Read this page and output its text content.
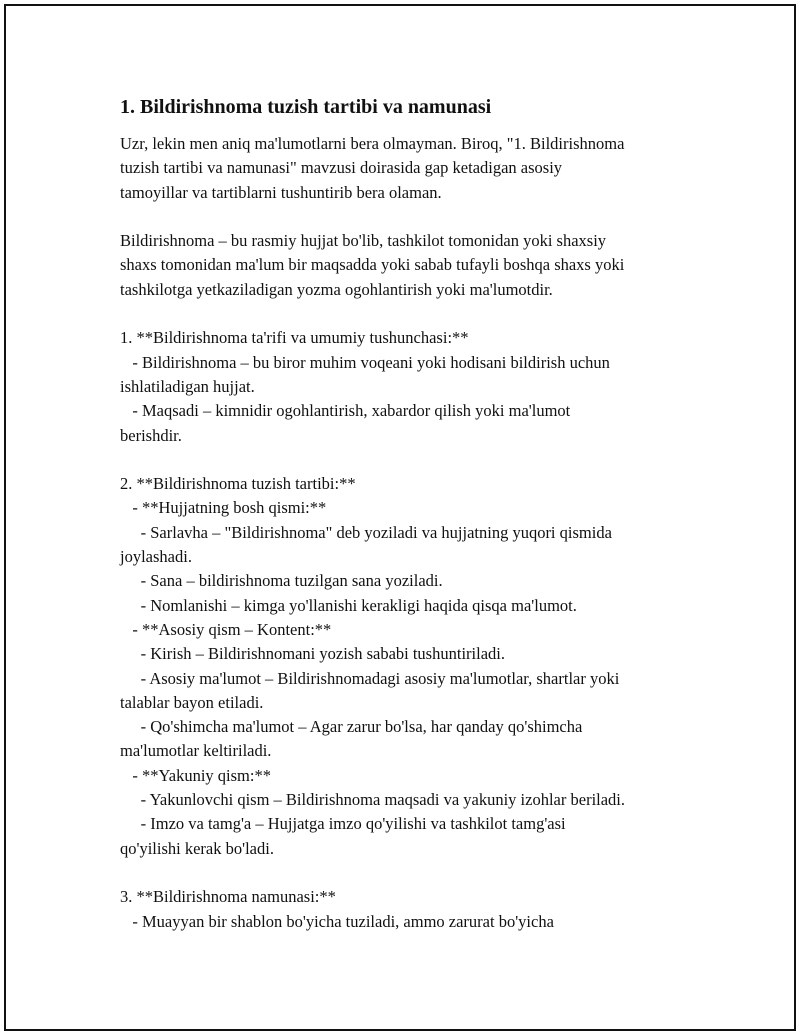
1. Bildirishnoma tuzish tartibi va namunasi

Uzr, lekin men aniq ma'lumotlarni bera olmayman. Biroq, "1. Bildirishnoma
tuzish tartibi va namunasi" mavzusi doirasida gap ketadigan asosiy
tamoyillar va tartiblarni tushuntirib bera olaman.

Bildirishnoma – bu rasmiy hujjat bo'lib, tashkilot tomonidan yoki shaxsiy
shaxs tomonidan ma'lum bir maqsadda yoki sabab tufayli boshqa shaxs yoki
tashkilotga yetkaziladigan yozma ogohlantirish yoki ma'lumotdir.

1. **Bildirishnoma ta'rifi va umumiy tushunchasi:**
- Bildirishnoma – bu biror muhim voqeani yoki hodisani bildirish uchun
ishlatiladigan hujjat.
- Maqsadi – kimnidir ogohlantirish, xabardor qilish yoki ma'lumot
berishdir.

2. **Bildirishnoma tuzish tartibi:**
- **Hujjatning bosh qismi:**
- Sarlavha – "Bildirishnoma" deb yoziladi va hujjatning yuqori qismida
joylashadi.
- Sana – bildirishnoma tuzilgan sana yoziladi.
- Nomlanishi – kimga yo'llanishi kerakligi haqida qisqa ma'lumot.
- **Asosiy qism – Kontent:**
- Kirish – Bildirishnomani yozish sababi tushuntiriladi.
- Asosiy ma'lumot – Bildirishnomadagi asosiy ma'lumotlar, shartlar yoki
talablar bayon etiladi.
- Qo'shimcha ma'lumot – Agar zarur bo'lsa, har qanday qo'shimcha
ma'lumotlar keltiriladi.
- **Yakuniy qism:**
- Yakunlovchi qism – Bildirishnoma maqsadi va yakuniy izohlar beriladi.
- Imzo va tamg'a – Hujjatga imzo qo'yilishi va tashkilot tamg'asi
qo'yilishi kerak bo'ladi.

3. **Bildirishnoma namunasi:**
- Muayyan bir shablon bo'yicha tuziladi, ammo zarurat bo'yicha
